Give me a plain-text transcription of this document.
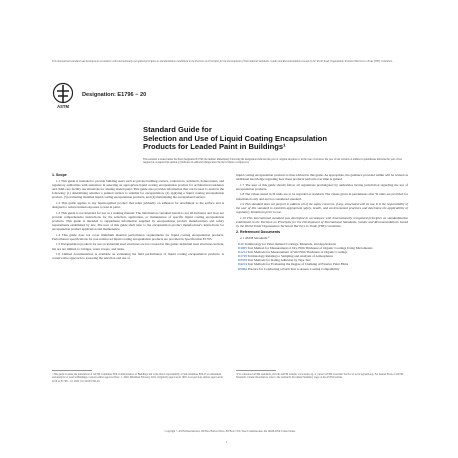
This international standard was developed in accordance with internationally recognized principles on standardization established in the Decision on Principles for the Development of International Standards, Guides and Recommendations issued by the World Trade Organization Technical Barriers to Trade (TBT) Committee.
ASTM
Designation: E1796 − 20
Standard Guide for
Selection and Use of Liquid Coating Encapsulation
Products for Leaded Paint in Buildings¹
This standard is issued under the fixed designation E1796; the number immediately following the designation indicates the year of original adoption or, in the case of revision, the year of last revision. A number in parentheses indicates the year of last reapproval. A superscript epsilon (ε) indicates an editorial change since the last revision or reapproval.
1. Scope
1.1 This guide is intended to provide building users such as private building owners, contractors, architects, homeowners, and regulatory authorities with assistance in selecting an appropriate liquid coating encapsulation product for architectural residence and child-care facility use situations for abating leaded paint. This guide also provides information that can be used to assist in the following: (1) determining whether a painted surface is suitable for encapsulation, (2) applying a liquid coating encapsulation product, (3) evaluating installed liquid coating encapsulation products, and (4) maintaining the encapsulated surface.
1.2 This guide applies to any liquid-applied product that relies primarily on adhesion for attachment to the surface and is designed to reduce human exposure to lead in paint.
1.3 This guide is not intended for use as a training manual. The information contained herein is not all-inclusive and does not provide comprehensive instructions for the selection, application, or maintenance of specific liquid coating encapsulation products. This guide is intended to supplement information supplied by encapsulation product manufacturers and safety requirements established by law. The user of this guide shall refer to the encapsulation product manufacturer's instructions for encapsulation product application and maintenance.
1.4 This guide does not cover minimum material performance requirements for liquid coating encapsulation products. Performance specifications for non-reinforced liquid coating encapsulation products are provided in Specification E1795.
1.5 Encapsulation products for use on industrial steel structures are not covered in this guide. Industrial steel structures include, but are not limited to: bridges, water towers, and tanks.
1.6 Limited documentation is available on evaluating the field performance of liquid coating encapsulation products. A conservative approach to assessing the selection and use of
liquid coating encapsulation products is thus advised in this guide. As appropriate, the guidance provided within will be revised as additional knowledge regarding how these products perform over time is gained.
1.7 The user of this guide should follow all regulations promulgated by authorities having jurisdiction regarding the use of encapsulation products.
1.8 The values stated in SI units are to be regarded as standard. The values given in parentheses after SI units are provided for information only and are not considered standard.
1.9 This standard does not purport to address all of the safety concerns, if any, associated with its use. It is the responsibility of the user of this standard to establish appropriate safety, health, and environmental practices and determine the applicability of regulatory limitations prior to use.
1.10 This international standard was developed in accordance with internationally recognized principles on standardization established in the Decision on Principles for the Development of International Standards, Guides and Recommendations issued by the World Trade Organization Technical Barriers to Trade (TBT) Committee.
2. Referenced Documents
2.1 ASTM Standards:²
D16 Terminology for Paint, Related Coatings, Materials, and Applications
D1005 Test Method for Measurement of Dry-Film Thickness of Organic Coatings Using Micrometers
D1212 Test Methods for Measurement of Wet Film Thickness of Organic Coatings
D1729 Terminology Relating to Sampling and Analysis of Atmospheres
D3359 Test Methods for Rating Adhesion by Tape Test
D4214 Test Methods for Evaluating the Degree of Chalking of Exterior Paint Films
D5064 Practice for Conducting a Patch Test to Assess Coating Compatibility
¹ This guide is under the jurisdiction of ASTM Committee E06 on Performance of Buildings and is the direct responsibility of Subcommittee E06.23 on Abatement and Analysis of Lead in Buildings. Current edition approved Dec. 1, 2020. Published February 2021. Originally approved in 1995. Last previous edition approved in 2016 as E1796 − 16. DOI: 10.1520/E1796-20.
² For referenced ASTM standards, visit the ASTM website, www.astm.org, or contact ASTM Customer Service at service@astm.org. For Annual Book of ASTM Standards volume information, refer to the standard's Document Summary page on the ASTM website.
Copyright © ASTM International, 100 Barr Harbor Drive, PO Box C700, West Conshohocken, PA 19428-2959. United States
1
